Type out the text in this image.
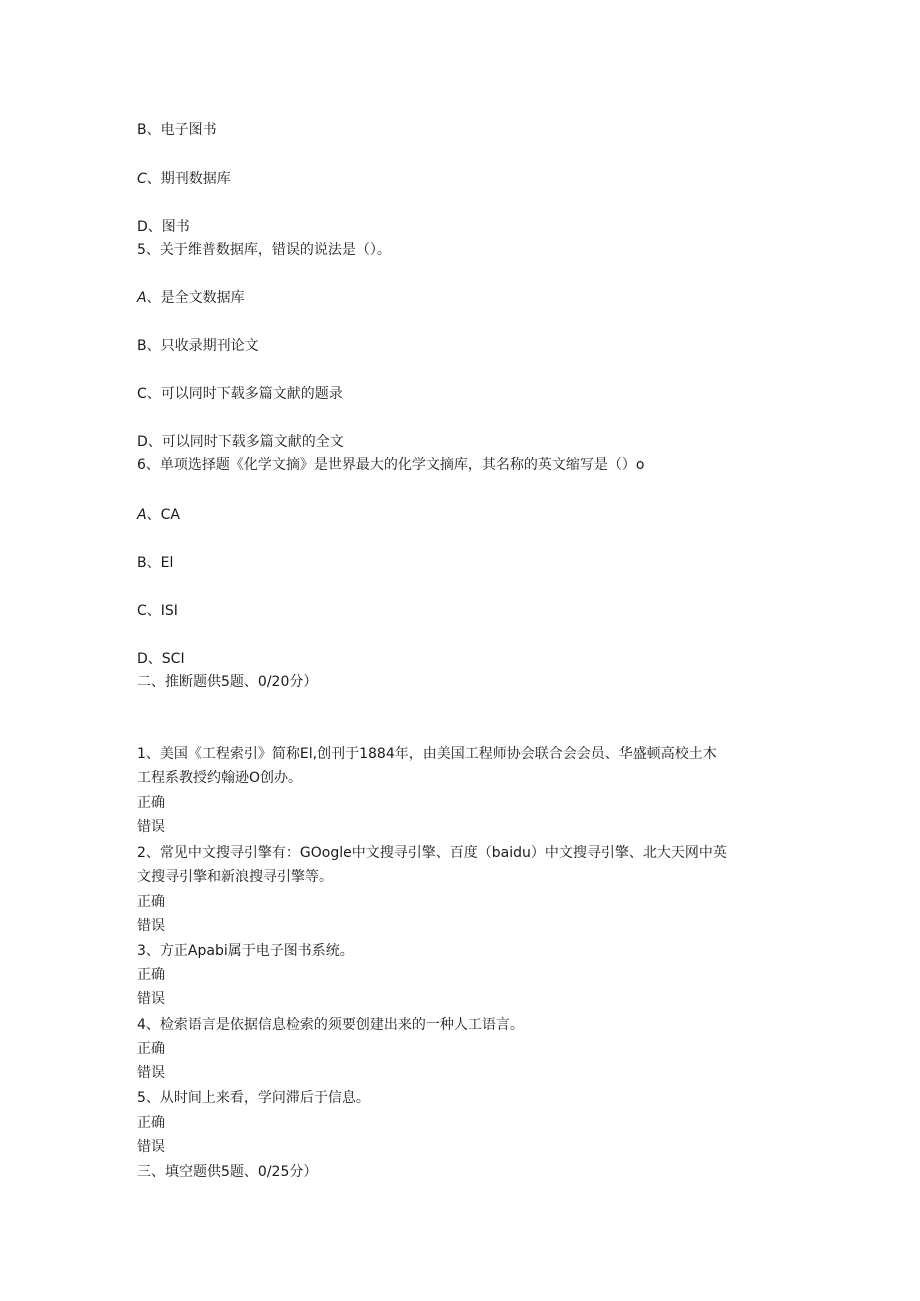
B、电子图书
C、期刊数据库
D、图书
5、关于维普数据库，错误的说法是（）。
A、是全文数据库
B、只收录期刊论文
C、可以同时下载多篇文献的题录
D、可以同时下载多篇文献的全文
6、单项选择题《化学文摘》是世界最大的化学文摘库，其名称的英文缩写是（）o
A、CA
B、El
C、ISI
D、SCI
二、推断题供5题、0/20分）
1、美国《工程索引》简称El,创刊于1884年，由美国工程师协会联合会会员、华盛顿高校土木
工程系教授约翰逊O创办。
正确
错误
2、常见中文搜寻引擎有：GOogle中文搜寻引擎、百度（baidu）中文搜寻引擎、北大天网中英
文搜寻引擎和新浪搜寻引擎等。
正确
错误
3、方正Apabi属于电子图书系统。
正确
错误
4、检索语言是依据信息检索的须要创建出来的一种人工语言。
正确
错误
5、从时间上来看，学问滞后于信息。
正确
错误
三、填空题供5题、0/25分）
